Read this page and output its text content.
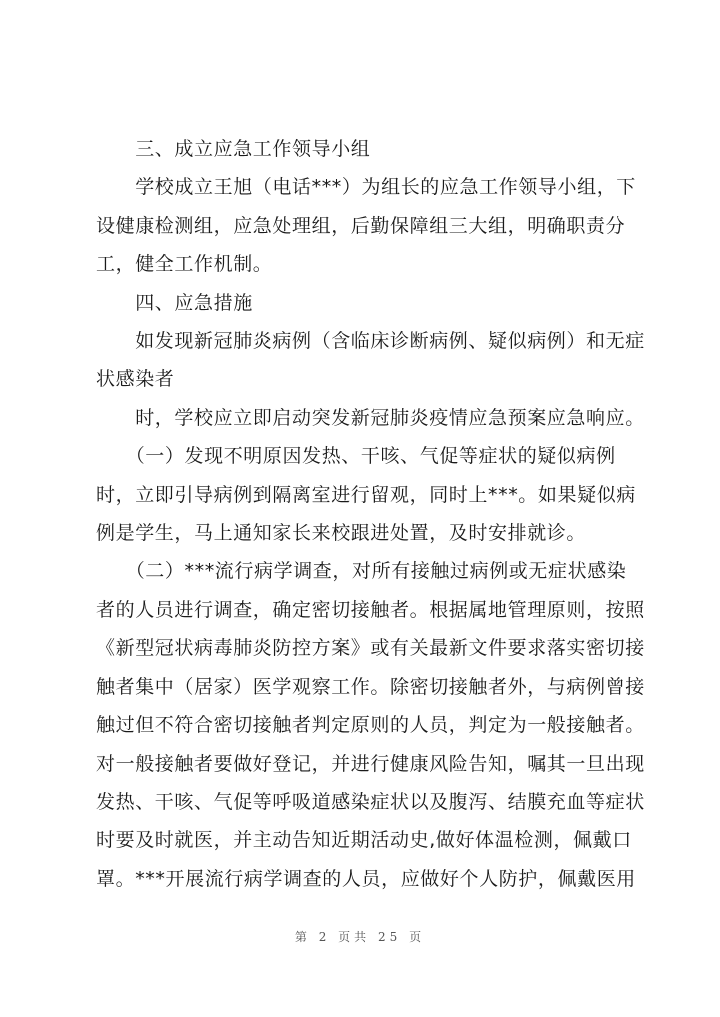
　　三、成立应急工作领导小组
　　学校成立王旭（电话***）为组长的应急工作领导小组，下
设健康检测组，应急处理组，后勤保障组三大组，明确职责分
工，健全工作机制。
　　四、应急措施
　　如发现新冠肺炎病例（含临床诊断病例、疑似病例）和无症
状感染者
　　时，学校应立即启动突发新冠肺炎疫情应急预案应急响应。
　　（一）发现不明原因发热、干咳、气促等症状的疑似病例
时，立即引导病例到隔离室进行留观，同时上***。如果疑似病
例是学生，马上通知家长来校跟进处置，及时安排就诊。
　　（二）***流行病学调查，对所有接触过病例或无症状感染
者的人员进行调查，确定密切接触者。根据属地管理原则，按照
《新型冠状病毒肺炎防控方案》或有关最新文件要求落实密切接
触者集中（居家）医学观察工作。除密切接触者外，与病例曾接
触过但不符合密切接触者判定原则的人员，判定为一般接触者。
对一般接触者要做好登记，并进行健康风险告知，嘱其一旦出现
发热、干咳、气促等呼吸道感染症状以及腹泻、结膜充血等症状
时要及时就医，并主动告知近期活动史,做好体温检测，佩戴口
罩。***开展流行病学调查的人员，应做好个人防护，佩戴医用

第 2 页共 25 页
